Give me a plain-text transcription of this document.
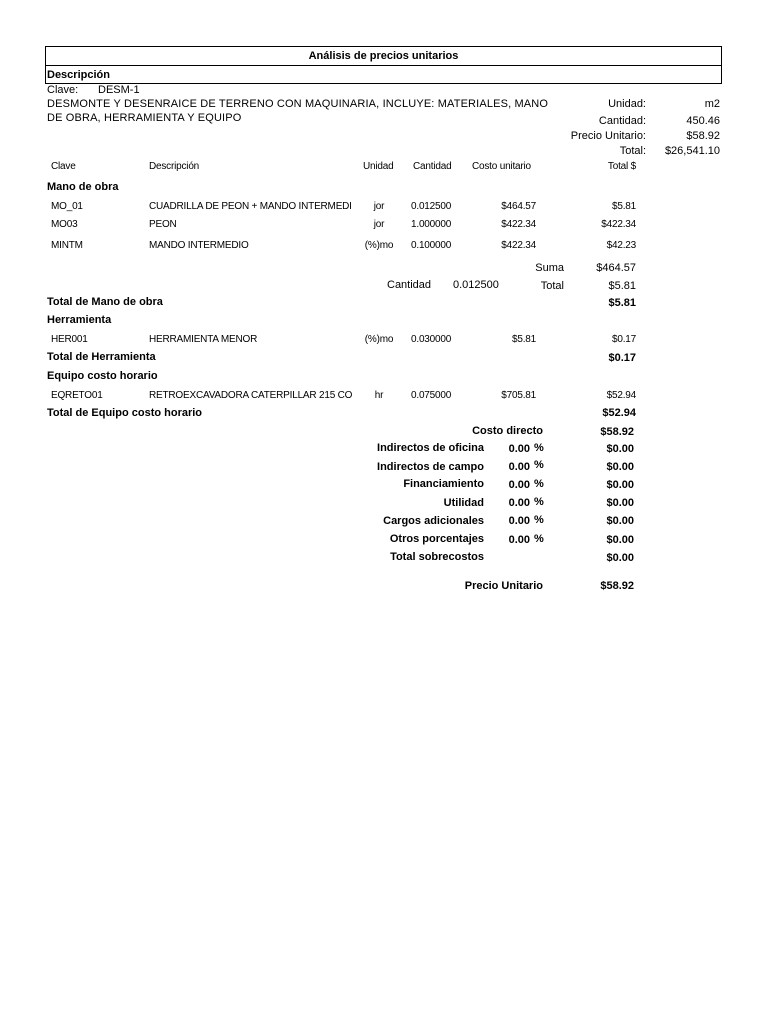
Análisis de precios unitarios
Descripción
Clave: DESM-1
DESMONTE Y DESENRAICE DE TERRENO CON MAQUINARIA, INCLUYE: MATERIALES, MANO
DE OBRA, HERRAMIENTA Y EQUIPO
Unidad:	m2
Cantidad:	450.46
Precio Unitario:	$58.92
Total:	$26,541.10
Clave	Descripción	Unidad Cantidad Costo unitario	Total $
Mano de obra
MO_01	CUADRILLA DE PEON + MANDO INTERMEDI	jor	0.012500	$464.57	$5.81
MO03	PEON	jor	1.000000	$422.34	$422.34
MINTM	MANDO INTERMEDIO	(%)mo 0.100000	$422.34	$42.23
Suma	$464.57
Cantidad 0.012500	Total	$5.81
Total de Mano de obra	$5.81
Herramienta
HER001	HERRAMIENTA MENOR	(%)mo 0.030000	$5.81	$0.17
Total de Herramienta	$0.17
Equipo costo horario
EQRETO01	RETROEXCAVADORA CATERPILLAR 215 CO	hr	0.075000	$705.81	$52.94
Total de Equipo costo horario	$52.94
Costo directo	$58.92
Indirectos de oficina	0.00 %	$0.00
Indirectos de campo	0.00 %	$0.00
Financiamiento	0.00 %	$0.00
Utilidad	0.00 %	$0.00
Cargos adicionales	0.00 %	$0.00
Otros porcentajes	0.00 %	$0.00
Total sobrecostos	$0.00
Precio Unitario	$58.92
